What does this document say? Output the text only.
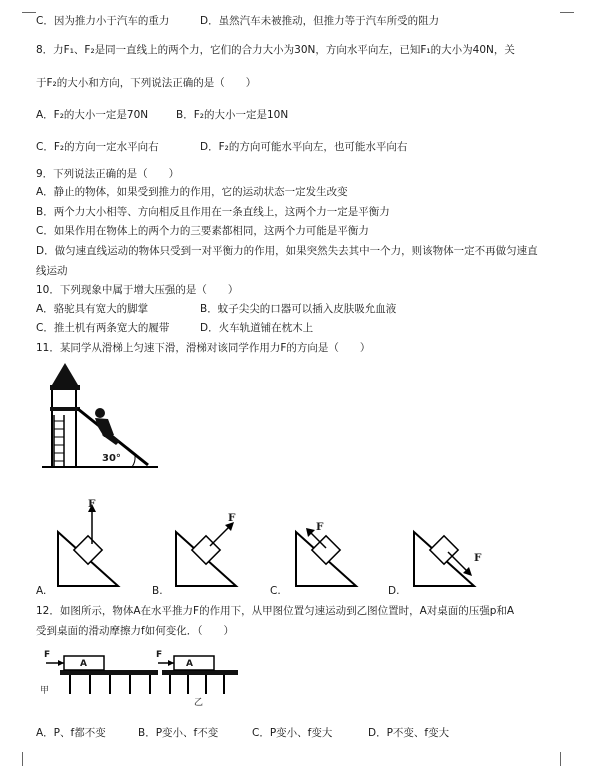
C．因为推力小于汽车的重力	D．虽然汽车未被推动，但推力等于汽车所受的阻力
8．力F₁、F₂是同一直线上的两个力，它们的合力大小为30N，方向水平向左，已知F₁的大小为40N，关
于F₂的大小和方向，下列说法正确的是（　　）
A．F₂的大小一定是70N	B．F₂的大小一定是10N
C．F₂的方向一定水平向右	D．F₂的方向可能水平向左，也可能水平向右
9．下列说法正确的是（　　）
A．静止的物体，如果受到推力的作用，它的运动状态一定发生改变
B．两个力大小相等、方向相反且作用在一条直线上，这两个力一定是平衡力
C．如果作用在物体上的两个力的三要素都相同，这两个力可能是平衡力
D．做匀速直线运动的物体只受到一对平衡力的作用，如果突然失去其中一个力，则该物体一定不再做匀速直
线运动
10．下列现象中属于增大压强的是（　　）
A．骆驼具有宽大的脚掌	B．蚊子尖尖的口器可以插入皮肤吸允血液
C．推土机有两条宽大的履带	D．火车轨道铺在枕木上
11．某同学从滑梯上匀速下滑，滑梯对该同学作用力F的方向是（　　）
30°
F
F
F
F
A.	B.	C.	D.
12．如图所示，物体A在水平推力F的作用下，从甲图位置匀速运动到乙图位置时，A对桌面的压强p和A
受到桌面的滑动摩擦力f如何变化．（　　）
F
A
甲
F
A
乙
A．P、f都不变	B．P变小、f不变	C．P变小、f变大	D．P不变、f变大
